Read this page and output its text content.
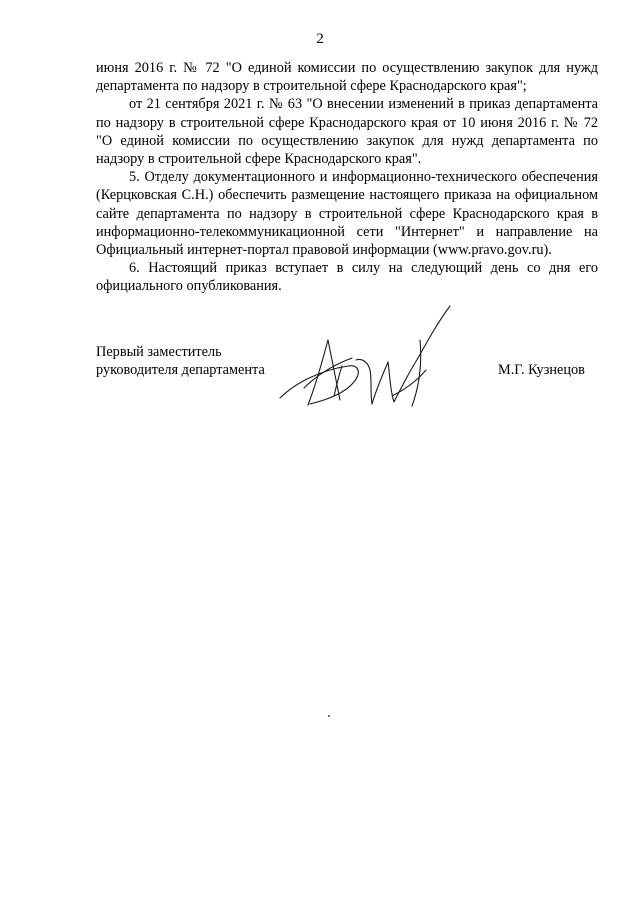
2

июня 2016 г. № 72 "О единой комиссии по осуществлению закупок для нужд департамента по надзору в строительной сфере Краснодарского края";

от 21 сентября 2021 г. № 63 "О внесении изменений в приказ департамента по надзору в строительной сфере Краснодарского края от 10 июня 2016 г. № 72 "О единой комиссии по осуществлению закупок для нужд департамента по надзору в строительной сфере Краснодарского края".

5. Отделу документационного и информационно-технического обеспечения (Керцковская С.Н.) обеспечить размещение настоящего приказа на официальном сайте департамента по надзору в строительной сфере Краснодарского края в информационно-телекоммуникационной сети "Интернет" и направление на Официальный интернет-портал правовой информации (www.pravo.gov.ru).

6. Настоящий приказ вступает в силу на следующий день со дня его официального опубликования.

Первый заместитель
руководителя департамента	М.Г. Кузнецов
